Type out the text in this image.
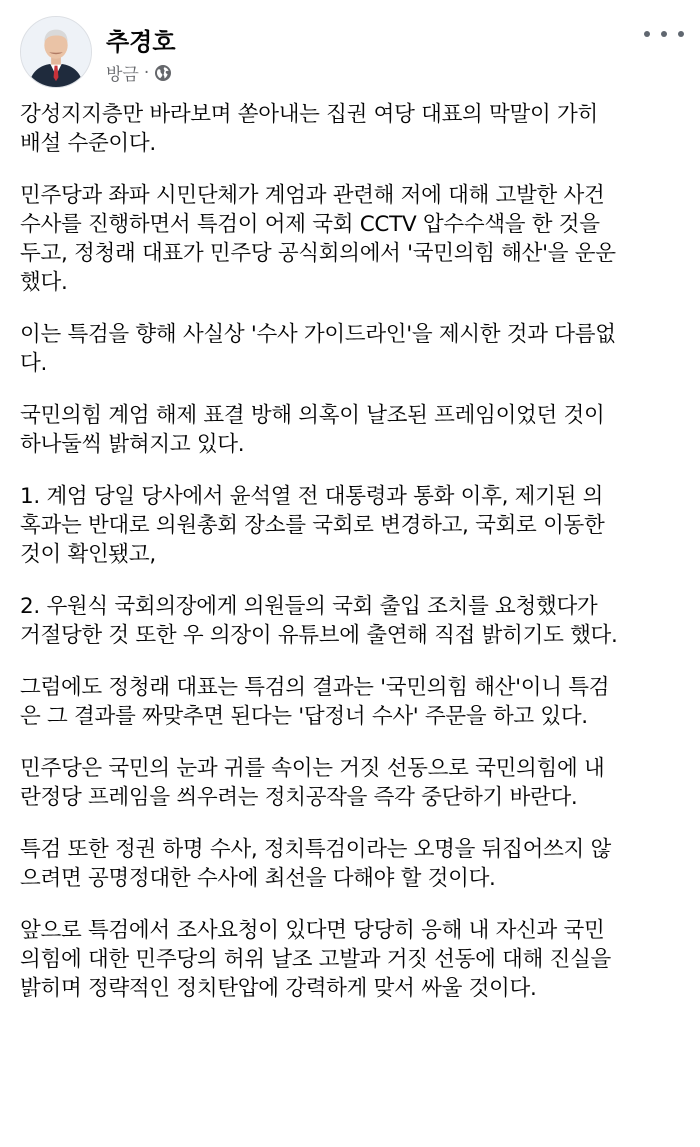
추경호
방금 ·

강성지지층만 바라보며 쏟아내는 집권 여당 대표의 막말이 가히
배설 수준이다.

민주당과 좌파 시민단체가 계엄과 관련해 저에 대해 고발한 사건
수사를 진행하면서 특검이 어제 국회 CCTV 압수수색을 한 것을
두고, 정청래 대표가 민주당 공식회의에서 '국민의힘 해산'을 운운
했다.

이는 특검을 향해 사실상 '수사 가이드라인'을 제시한 것과 다름없
다.

국민의힘 계엄 해제 표결 방해 의혹이 날조된 프레임이었던 것이
하나둘씩 밝혀지고 있다.

1. 계엄 당일 당사에서 윤석열 전 대통령과 통화 이후, 제기된 의
혹과는 반대로 의원총회 장소를 국회로 변경하고, 국회로 이동한
것이 확인됐고,

2. 우원식 국회의장에게 의원들의 국회 출입 조치를 요청했다가
거절당한 것 또한 우 의장이 유튜브에 출연해 직접 밝히기도 했다.

그럼에도 정청래 대표는 특검의 결과는 '국민의힘 해산'이니 특검
은 그 결과를 짜맞추면 된다는 '답정너 수사' 주문을 하고 있다.

민주당은 국민의 눈과 귀를 속이는 거짓 선동으로 국민의힘에 내
란정당 프레임을 씌우려는 정치공작을 즉각 중단하기 바란다.

특검 또한 정권 하명 수사, 정치특검이라는 오명을 뒤집어쓰지 않
으려면 공명정대한 수사에 최선을 다해야 할 것이다.

앞으로 특검에서 조사요청이 있다면 당당히 응해 내 자신과 국민
의힘에 대한 민주당의 허위 날조 고발과 거짓 선동에 대해 진실을
밝히며 정략적인 정치탄압에 강력하게 맞서 싸울 것이다.
